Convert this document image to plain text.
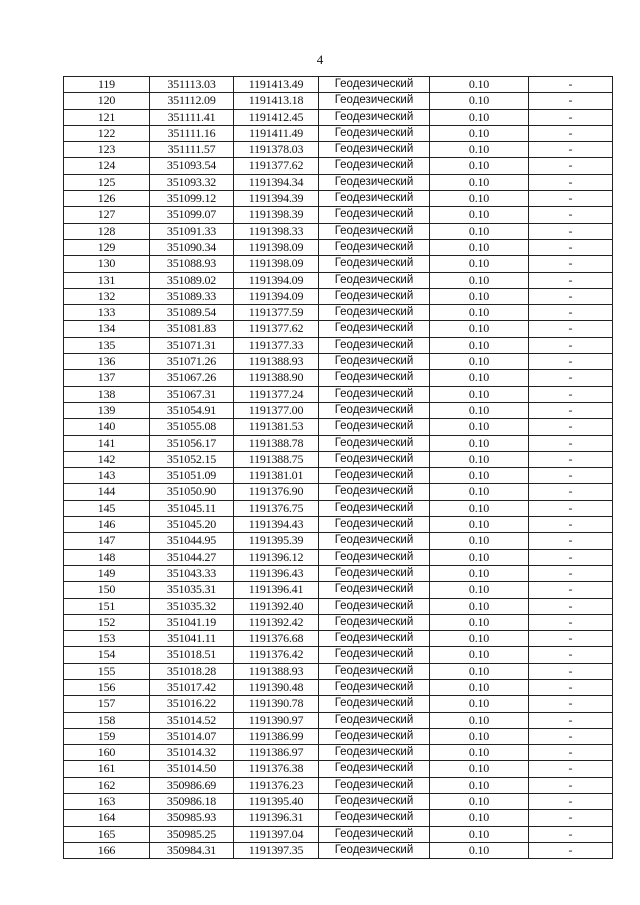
4
119	351113.03	1191413.49	Геодезический	0.10	-
120	351112.09	1191413.18	Геодезический	0.10	-
121	351111.41	1191412.45	Геодезический	0.10	-
122	351111.16	1191411.49	Геодезический	0.10	-
123	351111.57	1191378.03	Геодезический	0.10	-
124	351093.54	1191377.62	Геодезический	0.10	-
125	351093.32	1191394.34	Геодезический	0.10	-
126	351099.12	1191394.39	Геодезический	0.10	-
127	351099.07	1191398.39	Геодезический	0.10	-
128	351091.33	1191398.33	Геодезический	0.10	-
129	351090.34	1191398.09	Геодезический	0.10	-
130	351088.93	1191398.09	Геодезический	0.10	-
131	351089.02	1191394.09	Геодезический	0.10	-
132	351089.33	1191394.09	Геодезический	0.10	-
133	351089.54	1191377.59	Геодезический	0.10	-
134	351081.83	1191377.62	Геодезический	0.10	-
135	351071.31	1191377.33	Геодезический	0.10	-
136	351071.26	1191388.93	Геодезический	0.10	-
137	351067.26	1191388.90	Геодезический	0.10	-
138	351067.31	1191377.24	Геодезический	0.10	-
139	351054.91	1191377.00	Геодезический	0.10	-
140	351055.08	1191381.53	Геодезический	0.10	-
141	351056.17	1191388.78	Геодезический	0.10	-
142	351052.15	1191388.75	Геодезический	0.10	-
143	351051.09	1191381.01	Геодезический	0.10	-
144	351050.90	1191376.90	Геодезический	0.10	-
145	351045.11	1191376.75	Геодезический	0.10	-
146	351045.20	1191394.43	Геодезический	0.10	-
147	351044.95	1191395.39	Геодезический	0.10	-
148	351044.27	1191396.12	Геодезический	0.10	-
149	351043.33	1191396.43	Геодезический	0.10	-
150	351035.31	1191396.41	Геодезический	0.10	-
151	351035.32	1191392.40	Геодезический	0.10	-
152	351041.19	1191392.42	Геодезический	0.10	-
153	351041.11	1191376.68	Геодезический	0.10	-
154	351018.51	1191376.42	Геодезический	0.10	-
155	351018.28	1191388.93	Геодезический	0.10	-
156	351017.42	1191390.48	Геодезический	0.10	-
157	351016.22	1191390.78	Геодезический	0.10	-
158	351014.52	1191390.97	Геодезический	0.10	-
159	351014.07	1191386.99	Геодезический	0.10	-
160	351014.32	1191386.97	Геодезический	0.10	-
161	351014.50	1191376.38	Геодезический	0.10	-
162	350986.69	1191376.23	Геодезический	0.10	-
163	350986.18	1191395.40	Геодезический	0.10	-
164	350985.93	1191396.31	Геодезический	0.10	-
165	350985.25	1191397.04	Геодезический	0.10	-
166	350984.31	1191397.35	Геодезический	0.10	-
